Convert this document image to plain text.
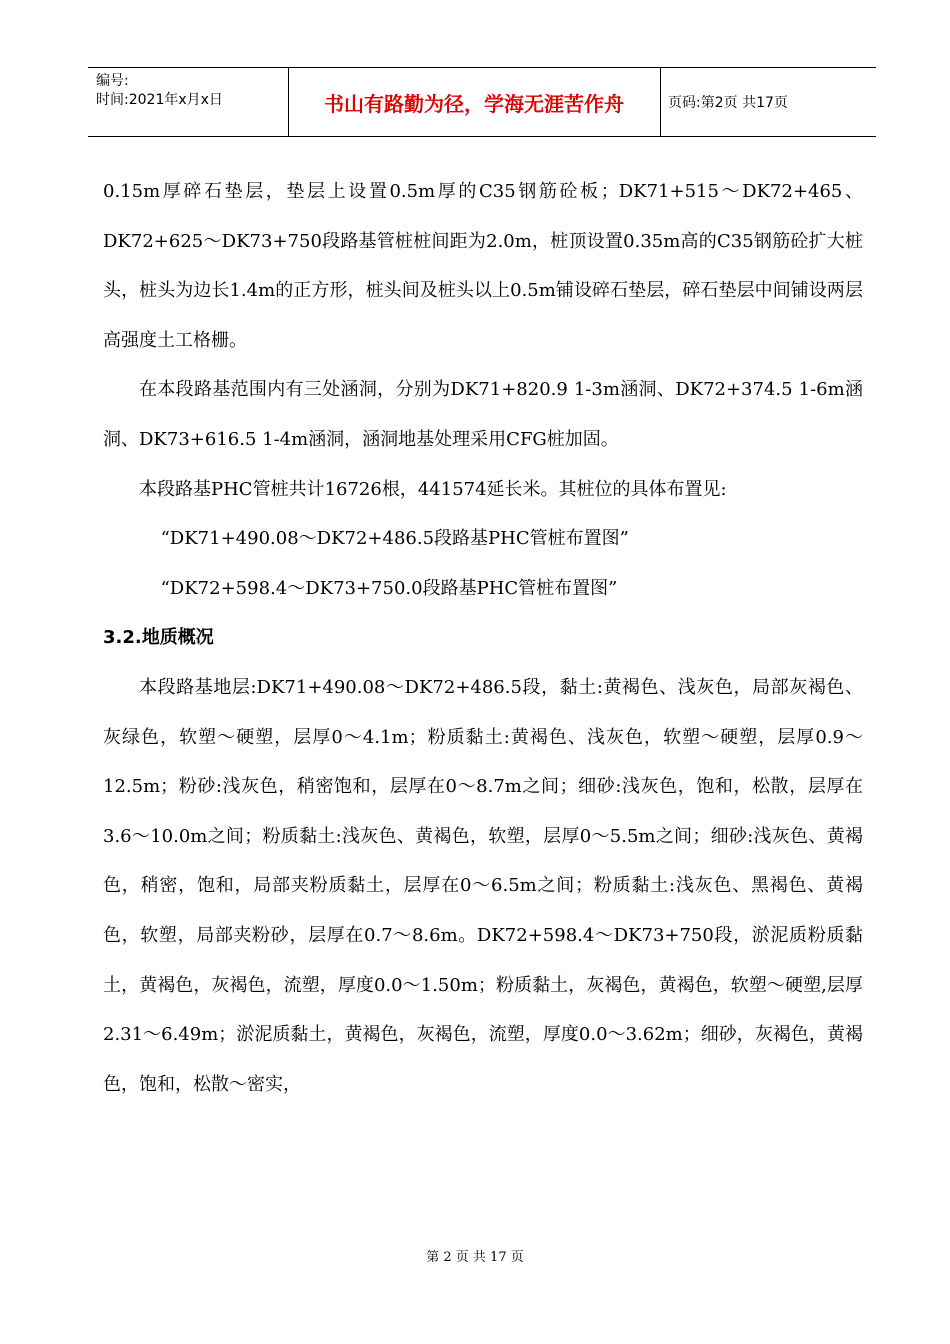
编号:
时间:2021年x月x日	书山有路勤为径，学海无涯苦作舟	页码:第2页 共17页

0.15m厚碎石垫层，垫层上设置0.5m厚的C35钢筋砼板；DK71+515～DK72+465、DK72+625～DK73+750段路基管桩桩间距为2.0m，桩顶设置0.35m高的C35钢筋砼扩大桩头，桩头为边长1.4m的正方形，桩头间及桩头以上0.5m铺设碎石垫层，碎石垫层中间铺设两层高强度土工格栅。

在本段路基范围内有三处涵洞，分别为DK71+820.9 1-3m涵洞、DK72+374.5 1-6m涵洞、DK73+616.5 1-4m涵洞，涵洞地基处理采用CFG桩加固。

本段路基PHC管桩共计16726根，441574延长米。其桩位的具体布置见:

“DK71+490.08～DK72+486.5段路基PHC管桩布置图”

“DK72+598.4～DK73+750.0段路基PHC管桩布置图”

3.2.地质概况

本段路基地层:DK71+490.08～DK72+486.5段，黏土:黄褐色、浅灰色，局部灰褐色、灰绿色，软塑～硬塑，层厚0～4.1m；粉质黏土:黄褐色、浅灰色，软塑～硬塑，层厚0.9～12.5m；粉砂:浅灰色，稍密饱和，层厚在0～8.7m之间；细砂:浅灰色，饱和，松散，层厚在3.6～10.0m之间；粉质黏土:浅灰色、黄褐色，软塑，层厚0～5.5m之间；细砂:浅灰色、黄褐色，稍密，饱和，局部夹粉质黏土，层厚在0～6.5m之间；粉质黏土:浅灰色、黑褐色、黄褐色，软塑，局部夹粉砂，层厚在0.7～8.6m。DK72+598.4～DK73+750段，淤泥质粉质黏土，黄褐色，灰褐色，流塑，厚度0.0～1.50m；粉质黏土，灰褐色，黄褐色，软塑～硬塑,层厚2.31～6.49m；淤泥质黏土，黄褐色，灰褐色，流塑，厚度0.0～3.62m；细砂，灰褐色，黄褐色，饱和，松散～密实，

第 2 页 共 17 页
